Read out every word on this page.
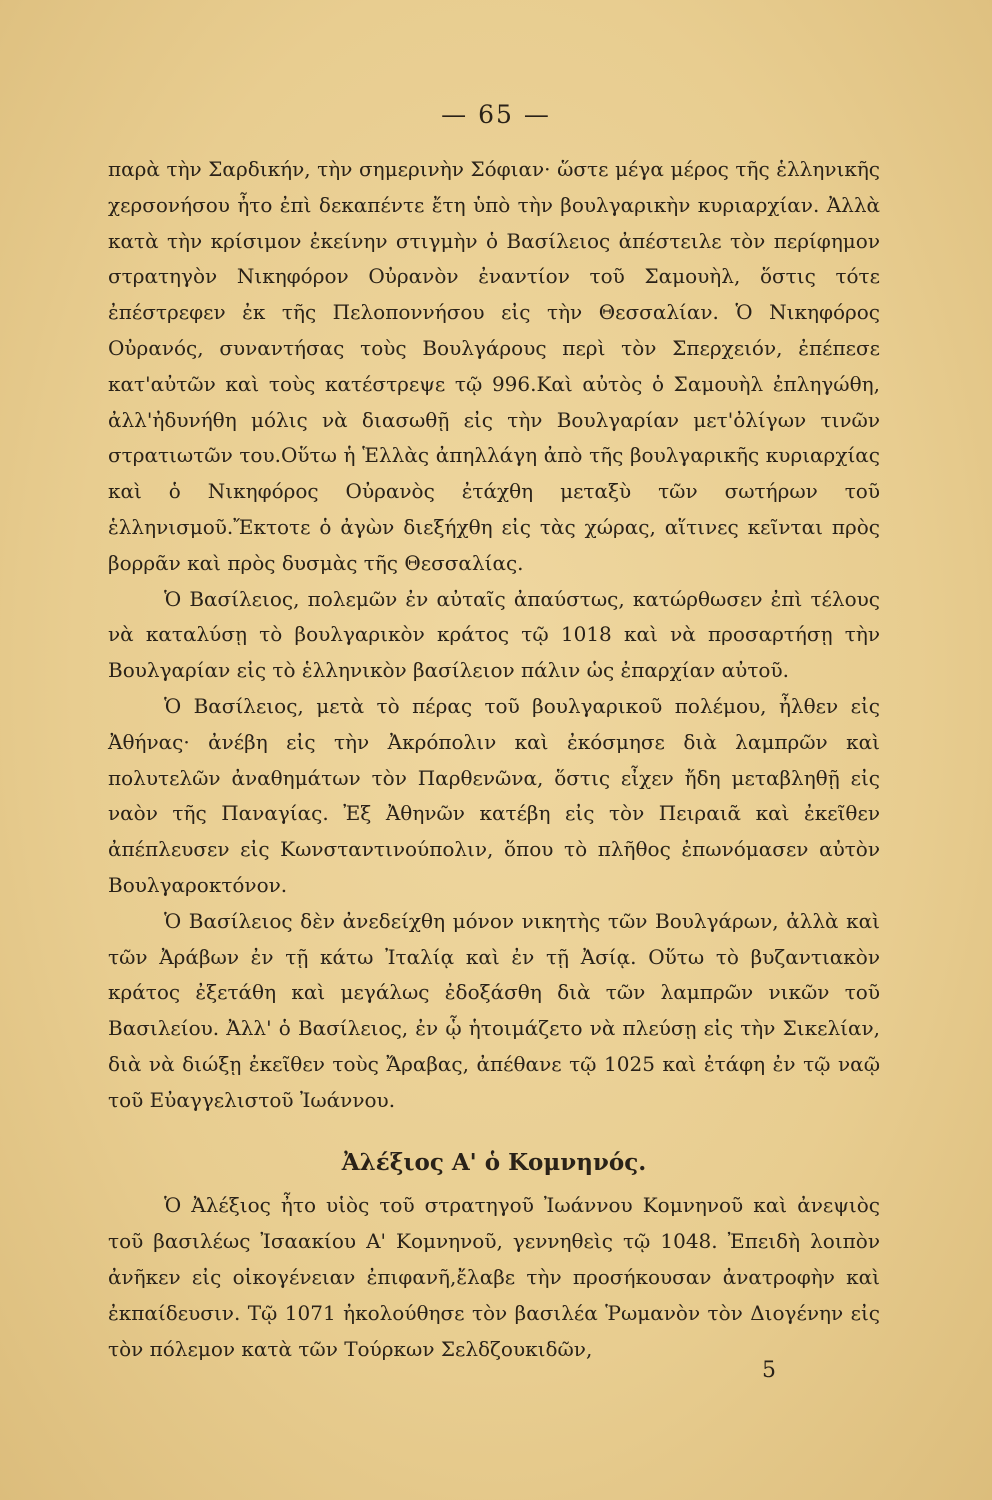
— 65 —

παρὰ τὴν Σαρδικήν, τὴν σημερινὴν Σόφιαν· ὥστε μέγα μέρος τῆς ἑλληνικῆς χερσονήσου ἦτο ἐπὶ δεκαπέντε ἔτη ὑπὸ τὴν βουλγαρικὴν κυριαρχίαν. Ἀλλὰ κατὰ τὴν κρίσιμον ἐκείνην στιγμὴν ὁ Βασίλειος ἀπέστειλε τὸν περίφημον στρατηγὸν Νικηφόρον Οὐρανὸν ἐναντίον τοῦ Σαμουὴλ, ὅστις τότε ἐπέστρεφεν ἐκ τῆς Πελοποννήσου εἰς τὴν Θεσσαλίαν. Ὁ Νικηφόρος Οὐρανός, συναντήσας τοὺς Βουλγάρους περὶ τὸν Σπερχειόν, ἐπέπεσε κατ'αὐτῶν καὶ τοὺς κατέστρεψε τῷ 996.Καὶ αὐτὸς ὁ Σαμουὴλ ἐπληγώθη, ἀλλ'ἠδυνήθη μόλις νὰ διασωθῇ εἰς τὴν Βουλγαρίαν μετ'ὀλίγων τινῶν στρατιωτῶν του.Οὕτω ἡ Ἑλλὰς ἀπηλλάγη ἀπὸ τῆς βουλγαρικῆς κυριαρχίας καὶ ὁ Νικηφόρος Οὐρανὸς ἐτάχθη μεταξὺ τῶν σωτήρων τοῦ ἑλληνισμοῦ.Ἔκτοτε ὁ ἀγὼν διεξήχθη εἰς τὰς χώρας, αἵτινες κεῖνται πρὸς βορρᾶν καὶ πρὸς δυσμὰς τῆς Θεσσαλίας.

Ὁ Βασίλειος, πολεμῶν ἐν αὐταῖς ἀπαύστως, κατώρθωσεν ἐπὶ τέλους νὰ καταλύσῃ τὸ βουλγαρικὸν κράτος τῷ 1018 καὶ νὰ προσαρτήσῃ τὴν Βουλγαρίαν εἰς τὸ ἑλληνικὸν βασίλειον πάλιν ὡς ἐπαρχίαν αὐτοῦ.

Ὁ Βασίλειος, μετὰ τὸ πέρας τοῦ βουλγαρικοῦ πολέμου, ἦλθεν εἰς Ἀθήνας· ἀνέβη εἰς τὴν Ἀκρόπολιν καὶ ἐκόσμησε διὰ λαμπρῶν καὶ πολυτελῶν ἀναθημάτων τὸν Παρθενῶνα, ὅστις εἶχεν ἤδη μεταβληθῇ εἰς ναὸν τῆς Παναγίας. Ἐξ Ἀθηνῶν κατέβη εἰς τὸν Πειραιᾶ καὶ ἐκεῖθεν ἀπέπλευσεν εἰς Κωνσταντινούπολιν, ὅπου τὸ πλῆθος ἐπωνόμασεν αὐτὸν Βουλγαροκτόνον.

Ὁ Βασίλειος δὲν ἀνεδείχθη μόνον νικητὴς τῶν Βουλγάρων, ἀλλὰ καὶ τῶν Ἀράβων ἐν τῇ κάτω Ἰταλίᾳ καὶ ἐν τῇ Ἀσίᾳ. Οὕτω τὸ βυζαντιακὸν κράτος ἐξετάθη καὶ μεγάλως ἐδοξάσθη διὰ τῶν λαμπρῶν νικῶν τοῦ Βασιλείου. Ἀλλ' ὁ Βασίλειος, ἐν ᾧ ἡτοιμάζετο νὰ πλεύσῃ εἰς τὴν Σικελίαν, διὰ νὰ διώξῃ ἐκεῖθεν τοὺς Ἄραβας, ἀπέθανε τῷ 1025 καὶ ἐτάφη ἐν τῷ ναῷ τοῦ Εὐαγγελιστοῦ Ἰωάννου.

Ἀλέξιος Α' ὁ Κομνηνός.

Ὁ Ἀλέξιος ἦτο υἱὸς τοῦ στρατηγοῦ Ἰωάννου Κομνηνοῦ καὶ ἀνεψιὸς τοῦ βασιλέως Ἰσαακίου Α' Κομνηνοῦ, γεννηθεὶς τῷ 1048. Ἐπειδὴ λοιπὸν ἀνῆκεν εἰς οἰκογένειαν ἐπιφανῆ,ἔλαβε τὴν προσήκουσαν ἀνατροφὴν καὶ ἐκπαίδευσιν. Τῷ 1071 ἠκολούθησε τὸν βασιλέα Ῥωμανὸν τὸν Διογένην εἰς τὸν πόλεμον κατὰ τῶν Τούρκων Σελδζουκιδῶν,

5
